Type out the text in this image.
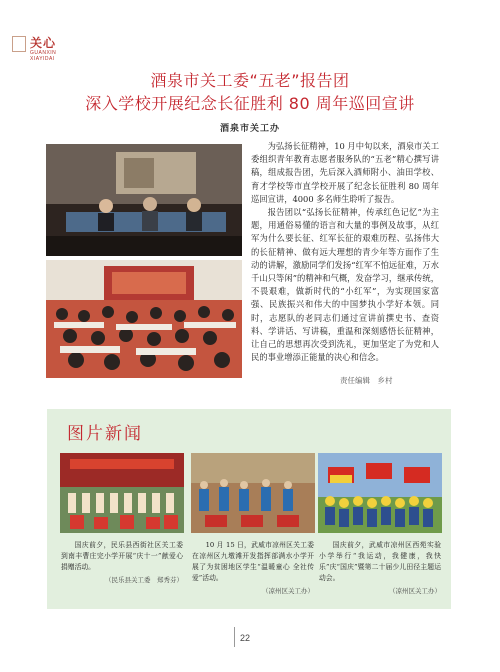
关心
GUANXIN
XIAYIDAI
酒泉市关工委“五老”报告团
深入学校开展纪念长征胜利 80 周年巡回宣讲
酒泉市关工办

为弘扬长征精神，10 月中旬以来，酒泉市关工委组织青年教育志愿者服务队的“五老”精心撰写讲稿，组成报告团，先后深入酒师附小、油田学校、育才学校等市直学校开展了纪念长征胜利 80 周年巡回宣讲，4000 多名师生聆听了报告。

报告团以“弘扬长征精神，传承红色记忆”为主题，用通俗易懂的语言和大量的事例及故事，从红军为什么要长征、红军长征的艰难历程、弘扬伟大的长征精神、做有远大理想的青少年等方面作了生动的讲解，激励同学们发扬“红军不怕远征难，万水千山只等闲”的精神和气概，发奋学习，继承传统，不畏艰难，做新时代的“小红军”，为实现国家富强、民族振兴和伟大的中国梦执小学好本领。同时，志愿队的老同志们通过宣讲前撰史书、查资料、学讲话、写讲稿，重温和深刻感悟长征精神，让自己的思想再次受到洗礼，更加坚定了为党和人民的事业增添正能量的决心和信念。

责任编辑　乡村
图片新闻

国庆前夕，民乐县西街社区关工委到南丰曹庄完小学开展“庆十一”献爱心捐赠活动。

（民乐县关工委　郑秀芬）

10 月 15 日，武威市凉州区关工委在凉州区九墩滩开发指挥部满水小学开展了为贫困地区学生“温暖童心 全社传爱”活动。

（凉州区关工办）

国庆前夕，武威市凉州区西苑实验小学举行“我运动，我健康，我快乐”庆“国庆”暨第二十届少儿田径主题运动会。

（凉州区关工办）
22
